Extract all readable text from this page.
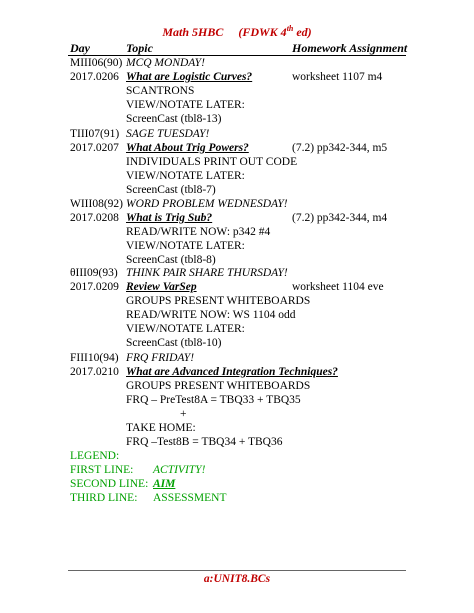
Math 5HBC (FDWK 4th ed)
Day	Topic	Homework Assignment
MIII06(90) MCQ MONDAY!
2017.0206 What are Logistic Curves?	worksheet 1107 m4
SCANTRONS
VIEW/NOTATE LATER:
ScreenCast (tbl8-13)
TIII07(91) SAGE TUESDAY!
2017.0207 What About Trig Powers?	(7.2) pp342-344, m5
INDIVIDUALS PRINT OUT CODE
VIEW/NOTATE LATER:
ScreenCast (tbl8-7)
WIII08(92) WORD PROBLEM WEDNESDAY!
2017.0208 What is Trig Sub?	(7.2) pp342-344, m4
READ/WRITE NOW: p342 #4
VIEW/NOTATE LATER:
ScreenCast (tbl8-8)
θIII09(93) THINK PAIR SHARE THURSDAY!
2017.0209 Review VarSep	worksheet 1104 eve
GROUPS PRESENT WHITEBOARDS
READ/WRITE NOW: WS 1104 odd
VIEW/NOTATE LATER:
ScreenCast (tbl8-10)
FIII10(94) FRQ FRIDAY!
2017.0210 What are Advanced Integration Techniques?
GROUPS PRESENT WHITEBOARDS
FRQ – PreTest8A = TBQ33 + TBQ35
+
TAKE HOME:
FRQ –Test8B = TBQ34 + TBQ36
LEGEND:
FIRST LINE: ACTIVITY!
SECOND LINE: AIM
THIRD LINE: ASSESSMENT
a:UNIT8.BCs
